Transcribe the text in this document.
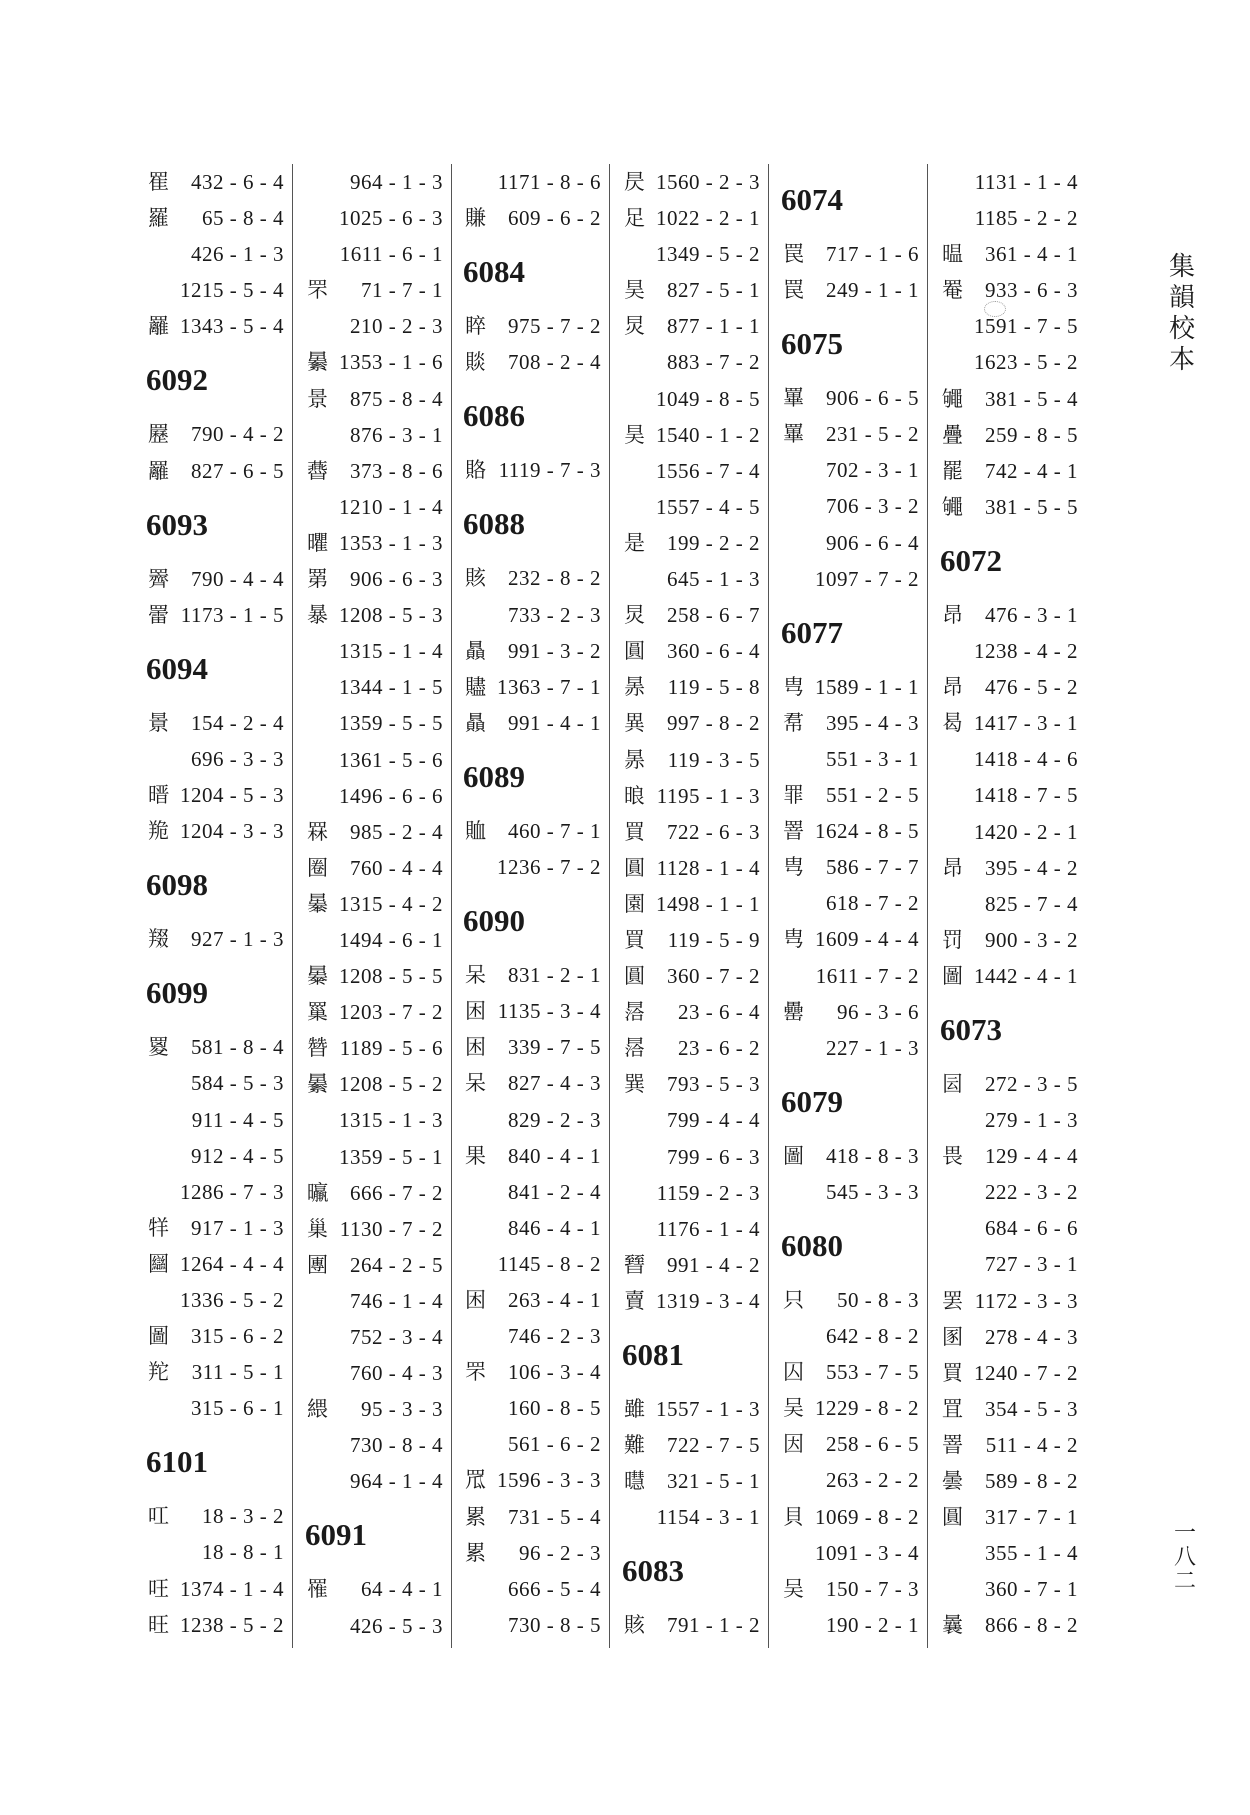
䍜 432 - 6 - 4
羅 65 - 8 - 4
426 - 1 - 3
1215 - 5 - 4
䍦 1343 - 5 - 4
6092
䍥 790 - 4 - 2
䍦 827 - 6 - 5
6093
䍤 790 - 4 - 4
䍣 1173 - 1 - 5
6094
㬌 154 - 2 - 4
696 - 3 - 3
㬐 1204 - 5 - 3
䍯 1204 - 3 - 3
6098
䍳 927 - 1 - 3
6099
䍟 581 - 8 - 4
584 - 5 - 3
911 - 4 - 5
912 - 4 - 5
1286 - 7 - 3
䍧 917 - 1 - 3
圝 1264 - 4 - 4
1336 - 5 - 2
圖 315 - 6 - 2
䍫 311 - 5 - 1
315 - 6 - 1
6101
叿 18 - 3 - 2
18 - 8 - 1
㕵 1374 - 1 - 4
旺 1238 - 5 - 2
964 - 1 - 3
1025 - 6 - 3
1611 - 6 - 1
罘 71 - 7 - 1
210 - 2 - 3
㬧 1353 - 1 - 6
景 875 - 8 - 4
876 - 3 - 1
㬫 373 - 8 - 6
1210 - 1 - 4
㬬 1353 - 1 - 3
罤 906 - 6 - 3
暴 1208 - 5 - 3
1315 - 1 - 4
1344 - 1 - 5
1359 - 5 - 5
1361 - 5 - 6
1496 - 6 - 6
罧 985 - 2 - 4
圈 760 - 4 - 4
曓 1315 - 4 - 2
1494 - 6 - 1
㬥 1208 - 5 - 5
罺 1203 - 7 - 2
㬱 1189 - 5 - 6
㬧 1208 - 5 - 2
1315 - 1 - 3
1359 - 5 - 1
㬯 666 - 7 - 2
巢 1130 - 7 - 2
團 264 - 2 - 5
746 - 1 - 4
752 - 3 - 4
760 - 4 - 3
䋿 95 - 3 - 3
730 - 8 - 4
964 - 1 - 4
6091
罹 64 - 4 - 1
426 - 5 - 3
1171 - 8 - 6
賺 609 - 6 - 2
6084
睟 975 - 7 - 2
賧 708 - 2 - 4
6086
賂 1119 - 7 - 3
6088
賅 232 - 8 - 2
733 - 2 - 3
贔 991 - 3 - 2
贐 1363 - 7 - 1
贔 991 - 4 - 1
6089
賉 460 - 7 - 1
1236 - 7 - 2
6090
呆 831 - 2 - 1
困 1135 - 3 - 4
困 339 - 7 - 5
呆 827 - 4 - 3
829 - 2 - 3
果 840 - 4 - 1
841 - 2 - 4
846 - 4 - 1
1145 - 8 - 2
困 263 - 4 - 1
746 - 2 - 3
罘 106 - 3 - 4
160 - 8 - 5
561 - 6 - 2
罛 1596 - 3 - 3
累 731 - 5 - 4
累 96 - 2 - 3
666 - 5 - 4
730 - 8 - 5
昃 1560 - 2 - 3
足 1022 - 2 - 1
1349 - 5 - 2
昊 827 - 5 - 1
炅 877 - 1 - 1
883 - 7 - 2
1049 - 8 - 5
昊 1540 - 1 - 2
1556 - 7 - 4
1557 - 4 - 5
是 199 - 2 - 2
645 - 1 - 3
炅 258 - 6 - 7
圓 360 - 6 - 4
㫱 119 - 5 - 8
異 997 - 8 - 2
㫱 119 - 3 - 5
㫰 1195 - 1 - 3
買 722 - 6 - 3
圓 1128 - 1 - 4
園 1498 - 1 - 1
買 119 - 5 - 9
圓 360 - 7 - 2
㬁 23 - 6 - 4
㬁 23 - 6 - 2
巽 793 - 5 - 3
799 - 4 - 4
799 - 6 - 3
1159 - 2 - 3
1176 - 1 - 4
㬜 991 - 4 - 2
賣 1319 - 3 - 4
6081
雖 1557 - 1 - 3
難 722 - 7 - 5
㬩 321 - 5 - 1
1154 - 3 - 1
6083
賅 791 - 1 - 2
6074
罠 717 - 1 - 6
罠 249 - 1 - 1
6075
罼 906 - 6 - 5
罼 231 - 5 - 2
702 - 3 - 1
706 - 3 - 2
906 - 6 - 4
1097 - 7 - 2
6077
㽕 1589 - 1 - 1
帬 395 - 4 - 3
551 - 3 - 1
罪 551 - 2 - 5
罯 1624 - 8 - 5
㽕 586 - 7 - 7
618 - 7 - 2
㽕 1609 - 4 - 4
1611 - 7 - 2
罍 96 - 3 - 6
227 - 1 - 3
6079
圖 418 - 8 - 3
545 - 3 - 3
6080
只 50 - 8 - 3
642 - 8 - 2
囚 553 - 7 - 5
吴 1229 - 8 - 2
因 258 - 6 - 5
263 - 2 - 2
貝 1069 - 8 - 2
1091 - 3 - 4
吴 150 - 7 - 3
190 - 2 - 1
1131 - 1 - 4
1185 - 2 - 2
㬈 361 - 4 - 1
罨 933 - 6 - 3
1591 - 7 - 5
1623 - 5 - 2
䵶 381 - 5 - 4
疊 259 - 8 - 5
罷 742 - 4 - 1
䵶 381 - 5 - 5
6072
昂 476 - 3 - 1
1238 - 4 - 2
昂 476 - 5 - 2
曷 1417 - 3 - 1
1418 - 4 - 6
1418 - 7 - 5
1420 - 2 - 1
昂 395 - 4 - 2
825 - 7 - 4
罚 900 - 3 - 2
圖 1442 - 4 - 1
6073
囩 272 - 3 - 5
279 - 1 - 3
畏 129 - 4 - 4
222 - 3 - 2
684 - 6 - 6
727 - 3 - 1
罢 1172 - 3 - 3
圂 278 - 4 - 3
買 1240 - 7 - 2
罝 354 - 5 - 3
罯 511 - 4 - 2
曇 589 - 8 - 2
圓 317 - 7 - 1
355 - 1 - 4
360 - 7 - 1
曩 866 - 8 - 2
集韻校本
一八二
